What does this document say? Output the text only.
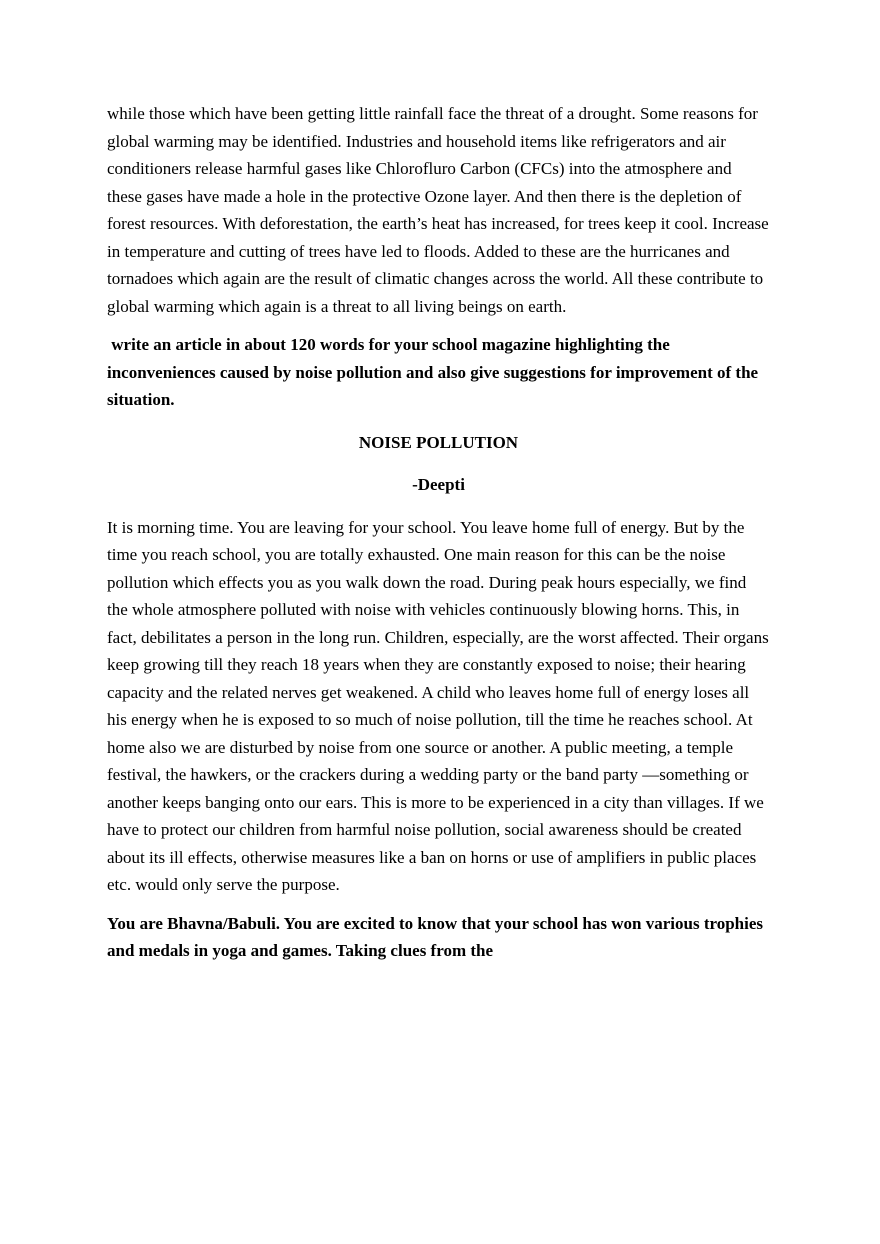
while those which have been getting little rainfall face the threat of a drought. Some reasons for global warming may be identified. Industries and household items like refrigerators and air conditioners release harmful gases like Chlorofluro Carbon (CFCs) into the atmosphere and these gases have made a hole in the protective Ozone layer. And then there is the depletion of forest resources. With deforestation, the earth’s heat has increased, for trees keep it cool. Increase in temperature and cutting of trees have led to floods. Added to these are the hurricanes and tornadoes which again are the result of climatic changes across the world. All these contribute to global warming which again is a threat to all living beings on earth.

write an article in about 120 words for your school magazine highlighting the inconveniences caused by noise pollution and also give suggestions for improvement of the situation.

NOISE POLLUTION

-Deepti

It is morning time. You are leaving for your school. You leave home full of energy. But by the time you reach school, you are totally exhausted. One main reason for this can be the noise pollution which effects you as you walk down the road. During peak hours especially, we find the whole atmosphere polluted with noise with vehicles continuously blowing horns. This, in fact, debilitates a person in the long run. Children, especially, are the worst affected. Their organs keep growing till they reach 18 years when they are constantly exposed to noise; their hearing capacity and the related nerves get weakened. A child who leaves home full of energy loses all his energy when he is exposed to so much of noise pollution, till the time he reaches school. At home also we are disturbed by noise from one source or another. A public meeting, a temple festival, the hawkers, or the crackers during a wedding party or the band party —something or another keeps banging onto our ears. This is more to be experienced in a city than villages. If we have to protect our children from harmful noise pollution, social awareness should be created about its ill effects, otherwise measures like a ban on horns or use of amplifiers in public places etc. would only serve the purpose.

You are Bhavna/Babuli. You are excited to know that your school has won various trophies and medals in yoga and games. Taking clues from the
